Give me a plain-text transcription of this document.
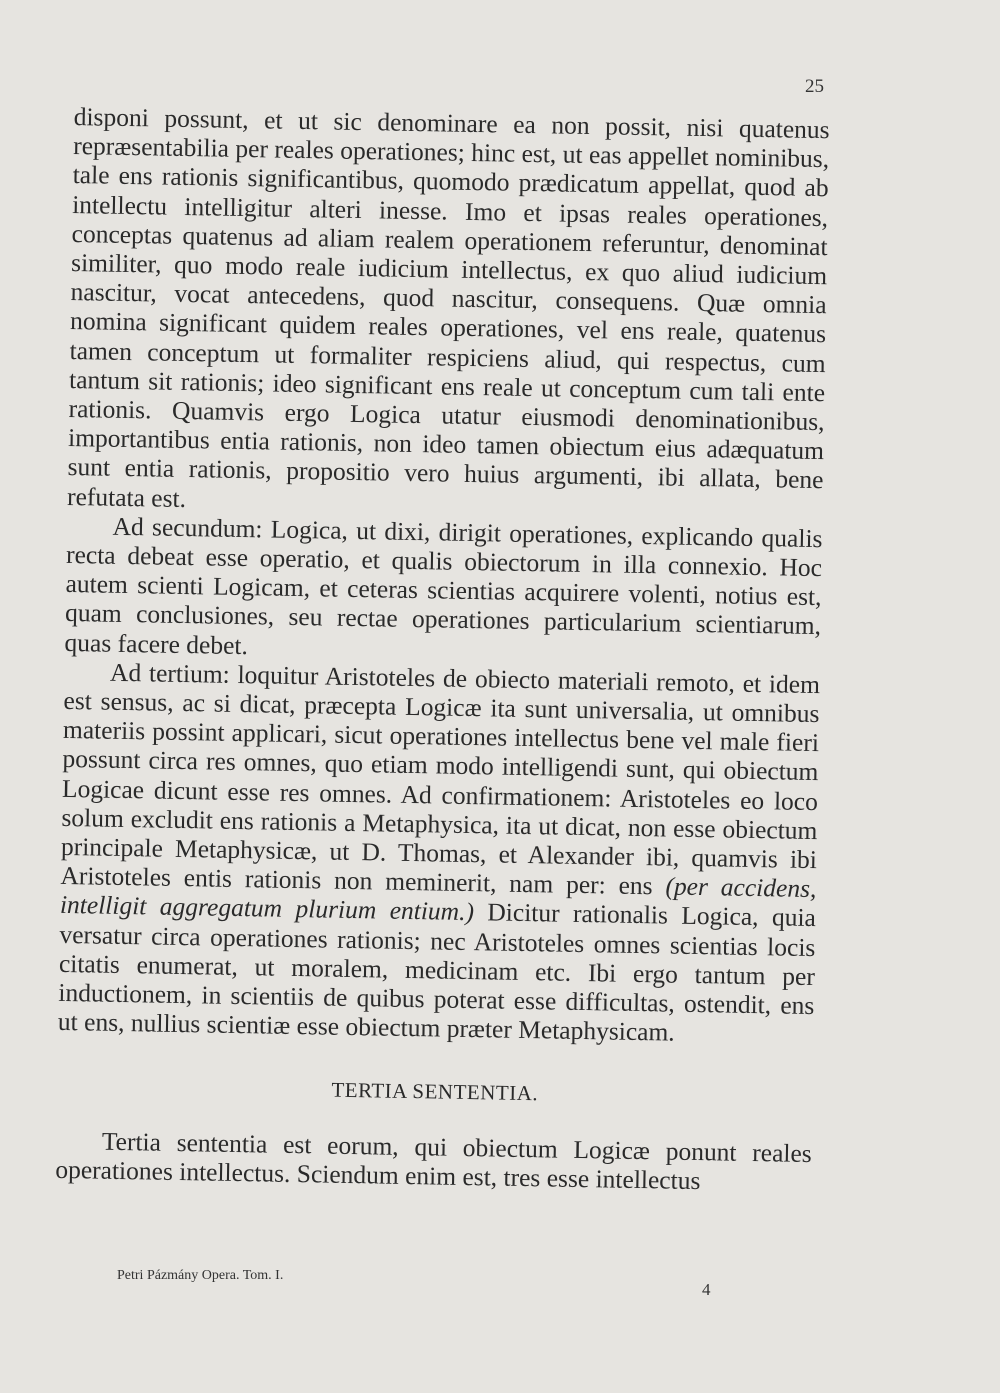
25

disponi possunt, et ut sic denominare ea non possit, nisi quatenus repræsentabilia per reales operationes; hinc est, ut eas appellet nominibus, tale ens rationis significantibus, quomodo prædicatum appellat, quod ab intellectu intelligitur alteri inesse. Imo et ipsas reales operationes, conceptas quatenus ad aliam realem operationem referuntur, denominat similiter, quo modo reale iudicium intellectus, ex quo aliud iudicium nascitur, vocat antecedens, quod nascitur, consequens. Quæ omnia nomina significant quidem reales operationes, vel ens reale, quatenus tamen conceptum ut formaliter respiciens aliud, qui respectus, cum tantum sit rationis; ideo significant ens reale ut conceptum cum tali ente rationis. Quamvis ergo Logica utatur eiusmodi denominationibus, importantibus entia rationis, non ideo tamen obiectum eius adæquatum sunt entia rationis, propositio vero huius argumenti, ibi allata, bene refutata est.

Ad secundum: Logica, ut dixi, dirigit operationes, explicando qualis recta debeat esse operatio, et qualis obiectorum in illa connexio. Hoc autem scienti Logicam, et ceteras scientias acquirere volenti, notius est, quam conclusiones, seu rectae operationes particularium scientiarum, quas facere debet.

Ad tertium: loquitur Aristoteles de obiecto materiali remoto, et idem est sensus, ac si dicat, præcepta Logicæ ita sunt universalia, ut omnibus materiis possint applicari, sicut operationes intellectus bene vel male fieri possunt circa res omnes, quo etiam modo intelligendi sunt, qui obiectum Logicae dicunt esse res omnes. Ad confirmationem: Aristoteles eo loco solum excludit ens rationis a Metaphysica, ita ut dicat, non esse obiectum principale Metaphysicæ, ut D. Thomas, et Alexander ibi, quamvis ibi Aristoteles entis rationis non meminerit, nam per: ens (per accidens, intelligit aggregatum plurium entium.) Dicitur rationalis Logica, quia versatur circa operationes rationis; nec Aristoteles omnes scientias locis citatis enumerat, ut moralem, medicinam etc. Ibi ergo tantum per inductionem, in scientiis de quibus poterat esse difficultas, ostendit, ens ut ens, nullius scientiæ esse obiectum præter Metaphysicam.

TERTIA SENTENTIA.

Tertia sententia est eorum, qui obiectum Logicæ ponunt reales operationes intellectus. Sciendum enim est, tres esse intellectus

Petri Pázmány Opera. Tom. I.
4
